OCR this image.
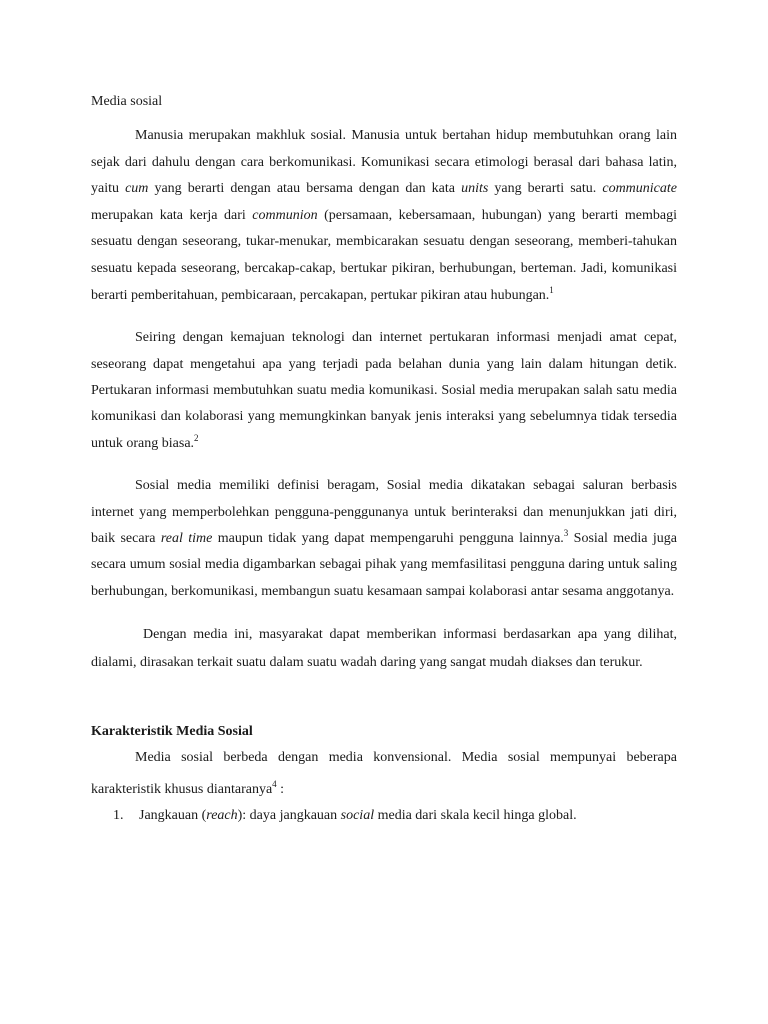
Media sosial

Manusia merupakan makhluk sosial. Manusia untuk bertahan hidup membutuhkan orang lain sejak dari dahulu dengan cara berkomunikasi. Komunikasi secara etimologi berasal dari bahasa latin, yaitu cum yang berarti dengan atau bersama dengan dan kata units yang berarti satu. communicate merupakan kata kerja dari communion (persamaan, kebersamaan, hubungan) yang berarti membagi sesuatu dengan seseorang, tukar-menukar, membicarakan sesuatu dengan seseorang, memberi-tahukan sesuatu kepada seseorang, bercakap-cakap, bertukar pikiran, berhubungan, berteman. Jadi, komunikasi berarti pemberitahuan, pembicaraan, percakapan, pertukar pikiran atau hubungan.$^1$

Seiring dengan kemajuan teknologi dan internet pertukaran informasi menjadi amat cepat, seseorang dapat mengetahui apa yang terjadi pada belahan dunia yang lain dalam hitungan detik. Pertukaran informasi membutuhkan suatu media komunikasi. Sosial media merupakan salah satu media komunikasi dan kolaborasi yang memungkinkan banyak jenis interaksi yang sebelumnya tidak tersedia untuk orang biasa.$^2$

Sosial media memiliki definisi beragam, Sosial media dikatakan sebagai saluran berbasis internet yang memperbolehkan pengguna-penggunanya untuk berinteraksi dan menunjukkan jati diri, baik secara real time maupun tidak yang dapat mempengaruhi pengguna lainnya.$^3$ Sosial media juga secara umum sosial media digambarkan sebagai pihak yang memfasilitasi pengguna daring untuk saling berhubungan, berkomunikasi, membangun suatu kesamaan sampai kolaborasi antar sesama anggotanya.

Dengan media ini, masyarakat dapat memberikan informasi berdasarkan apa yang dilihat, dialami, dirasakan terkait suatu dalam suatu wadah daring yang sangat mudah diakses dan terukur.

Karakteristik Media Sosial

Media sosial berbeda dengan media konvensional. Media sosial mempunyai beberapa karakteristik khusus diantaranya$^4$ :

1. Jangkauan (reach): daya jangkauan social media dari skala kecil hinga global.
